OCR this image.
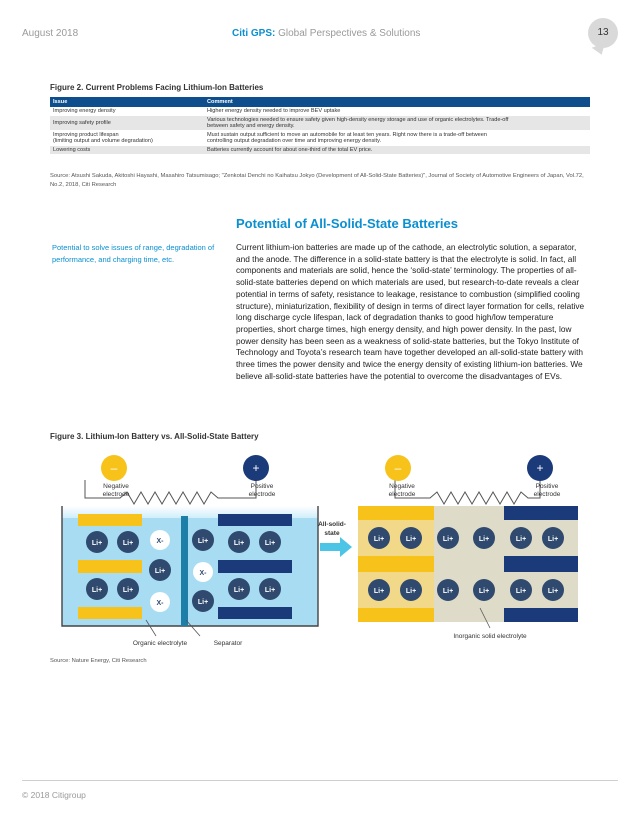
August 2018	Citi GPS: Global Perspectives & Solutions	13
Figure 2. Current Problems Facing Lithium-Ion Batteries
Issue	Comment
Improving energy density	Higher energy density needed to improve BEV uptake
Improving safety profile	Various technologies needed to ensure safety given high-density energy storage and use of organic electrolytes. Trade-off
between safety and energy density.
Improving product lifespan
(limiting output and volume degradation)	Must sustain output sufficient to move an automobile for at least ten years. Right now there is a trade-off between
controlling output degradation over time and improving energy density.
Lowering costs	Batteries currently account for about one-third of the total EV price.
Source: Atsushi Sakuda, Akitoshi Hayashi, Masahiro Tatsumisago; "Zenkotai Denchi no Kaihatsu Jokyo (Development of All-Solid-State Batteries)", Journal of Society of Automotive Engineers of Japan, Vol.72, No.2, 2018, Citi Research
Potential of All-Solid-State Batteries
Potential to solve issues of range, degradation of performance, and charging time, etc.
Current lithium-ion batteries are made up of the cathode, an electrolytic solution, a separator, and the anode. The difference in a solid-state battery is that the electrolyte is solid. In fact, all components and materials are solid, hence the ‘solid-state’ terminology. The properties of all-solid-state batteries depend on which materials are used, but research-to-date reveals a clear potential in terms of safety, resistance to leakage, resistance to combustion (simplified cooling structure), miniaturization, flexibility of design in terms of direct layer formation for cells, relative long discharge cycle lifespan, lack of degradation thanks to good high/low temperature properties, short charge times, high energy density, and high power density. In the past, low power density has been seen as a weakness of solid-state batteries, but the Tokyo Institute of Technology and Toyota’s research team have together developed an all-solid-state battery with three times the power density and twice the energy density of existing lithium-ion batteries. We believe all-solid-state batteries have the potential to overcome the disadvantages of EVs.
Figure 3. Lithium-Ion Battery vs. All-Solid-State Battery
–	+
Negative
electrode
Positive
electrode
Li+	Li+
Li+	Li+
X-
Li+
X-
Li+
X-
Li+
Li+	Li+
Li+	Li+
Organic electrolyte	Separator
All-solid-
state
–	+
Negative
electrode
Positive
electrode
Li+	Li+	Li+	Li+	Li+	Li+
Li+	Li+	Li+	Li+	Li+	Li+
Inorganic solid electrolyte
Source: Nature Energy, Citi Research
© 2018 Citigroup
